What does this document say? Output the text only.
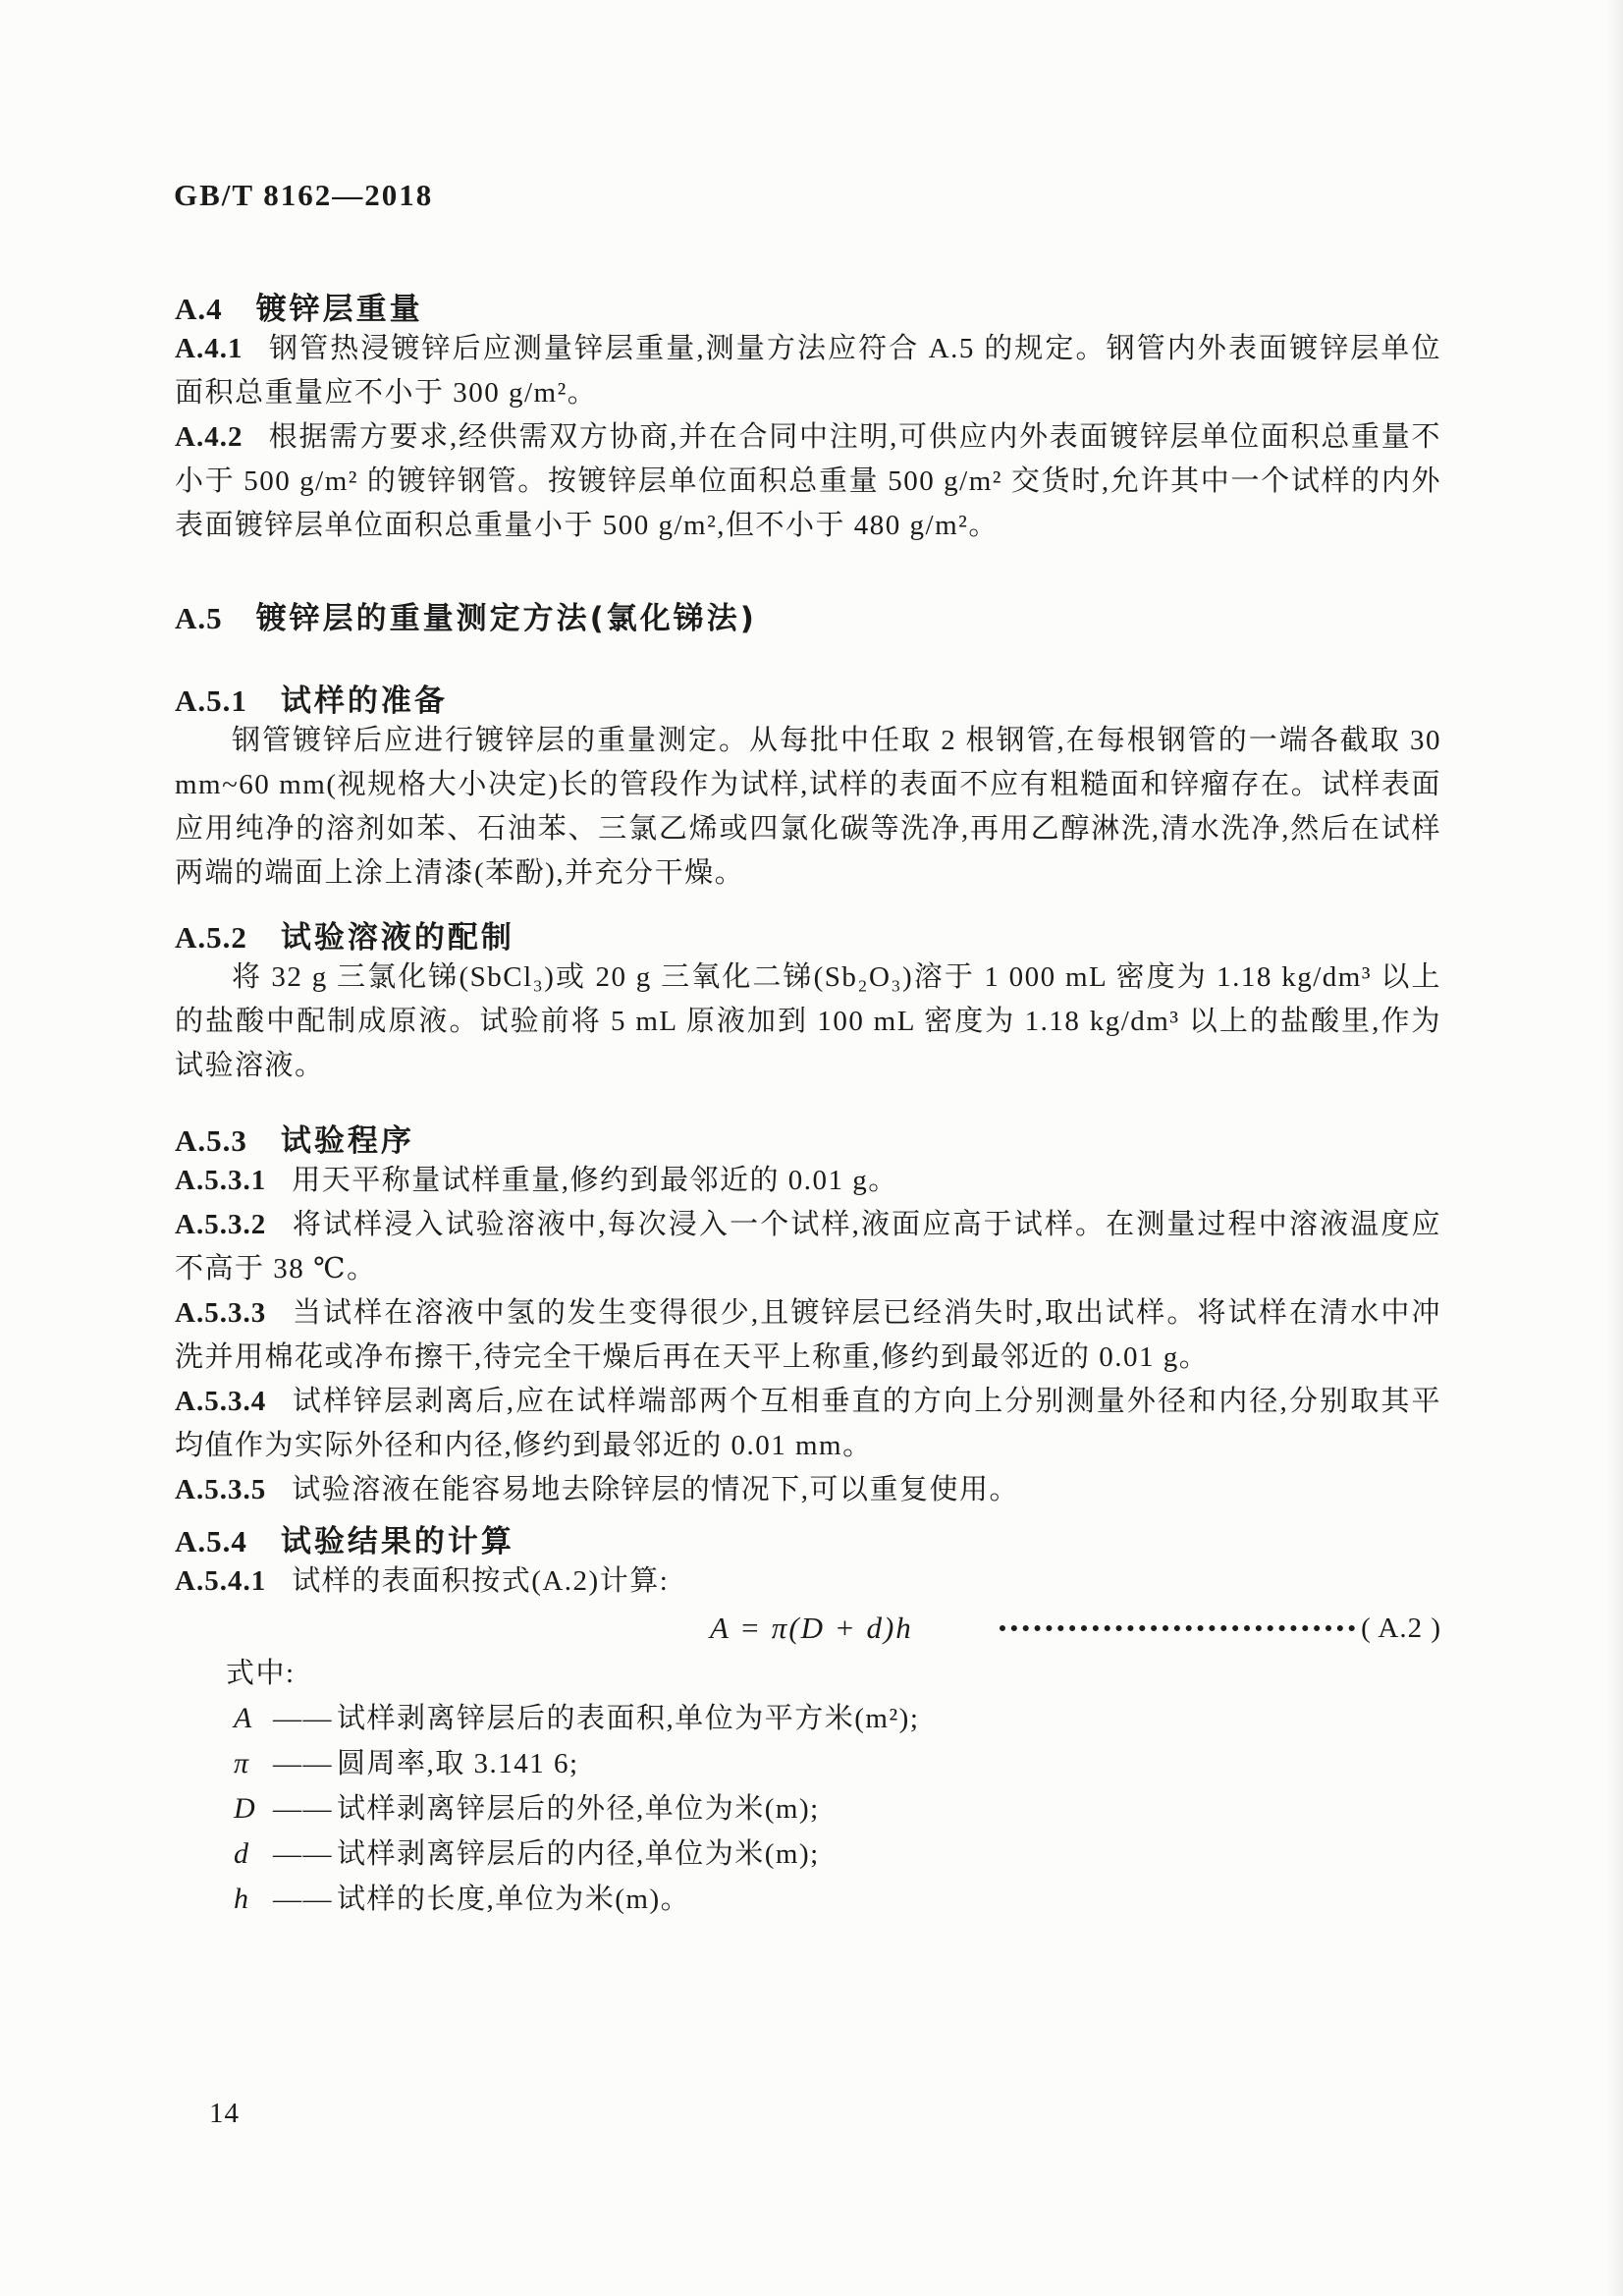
GB/T 8162—2018
A.4 镀锌层重量

A.4.1 钢管热浸镀锌后应测量锌层重量,测量方法应符合 A.5 的规定。钢管内外表面镀锌层单位面积总重量应不小于 300 g/m²。

A.4.2 根据需方要求,经供需双方协商,并在合同中注明,可供应内外表面镀锌层单位面积总重量不小于 500 g/m² 的镀锌钢管。按镀锌层单位面积总重量 500 g/m² 交货时,允许其中一个试样的内外表面镀锌层单位面积总重量小于 500 g/m²,但不小于 480 g/m²。

A.5 镀锌层的重量测定方法(氯化锑法)
A.5.1 试样的准备

钢管镀锌后应进行镀锌层的重量测定。从每批中任取 2 根钢管,在每根钢管的一端各截取 30 mm~60 mm(视规格大小决定)长的管段作为试样,试样的表面不应有粗糙面和锌瘤存在。试样表面应用纯净的溶剂如苯、石油苯、三氯乙烯或四氯化碳等洗净,再用乙醇淋洗,清水洗净,然后在试样两端的端面上涂上清漆(苯酚),并充分干燥。

A.5.2 试验溶液的配制

将 32 g 三氯化锑(SbCl₃)或 20 g 三氧化二锑(Sb₂O₃)溶于 1 000 mL 密度为 1.18 kg/dm³ 以上的盐酸中配制成原液。试验前将 5 mL 原液加到 100 mL 密度为 1.18 kg/dm³ 以上的盐酸里,作为试验溶液。

A.5.3 试验程序

A.5.3.1 用天平称量试样重量,修约到最邻近的 0.01 g。

A.5.3.2 将试样浸入试验溶液中,每次浸入一个试样,液面应高于试样。在测量过程中溶液温度应不高于 38 ℃。

A.5.3.3 当试样在溶液中氢的发生变得很少,且镀锌层已经消失时,取出试样。将试样在清水中冲洗并用棉花或净布擦干,待完全干燥后再在天平上称重,修约到最邻近的 0.01 g。

A.5.3.4 试样锌层剥离后,应在试样端部两个互相垂直的方向上分别测量外径和内径,分别取其平均值作为实际外径和内径,修约到最邻近的 0.01 mm。

A.5.3.5 试验溶液在能容易地去除锌层的情况下,可以重复使用。

A.5.4 试验结果的计算

A.5.4.1 试样的表面积按式(A.2)计算:

A = π(D + d)h	( A.2 )

式中:

A —— 试样剥离锌层后的表面积,单位为平方米(m²);
π —— 圆周率,取 3.141 6;
D —— 试样剥离锌层后的外径,单位为米(m);
d —— 试样剥离锌层后的内径,单位为米(m);
h —— 试样的长度,单位为米(m)。
14
